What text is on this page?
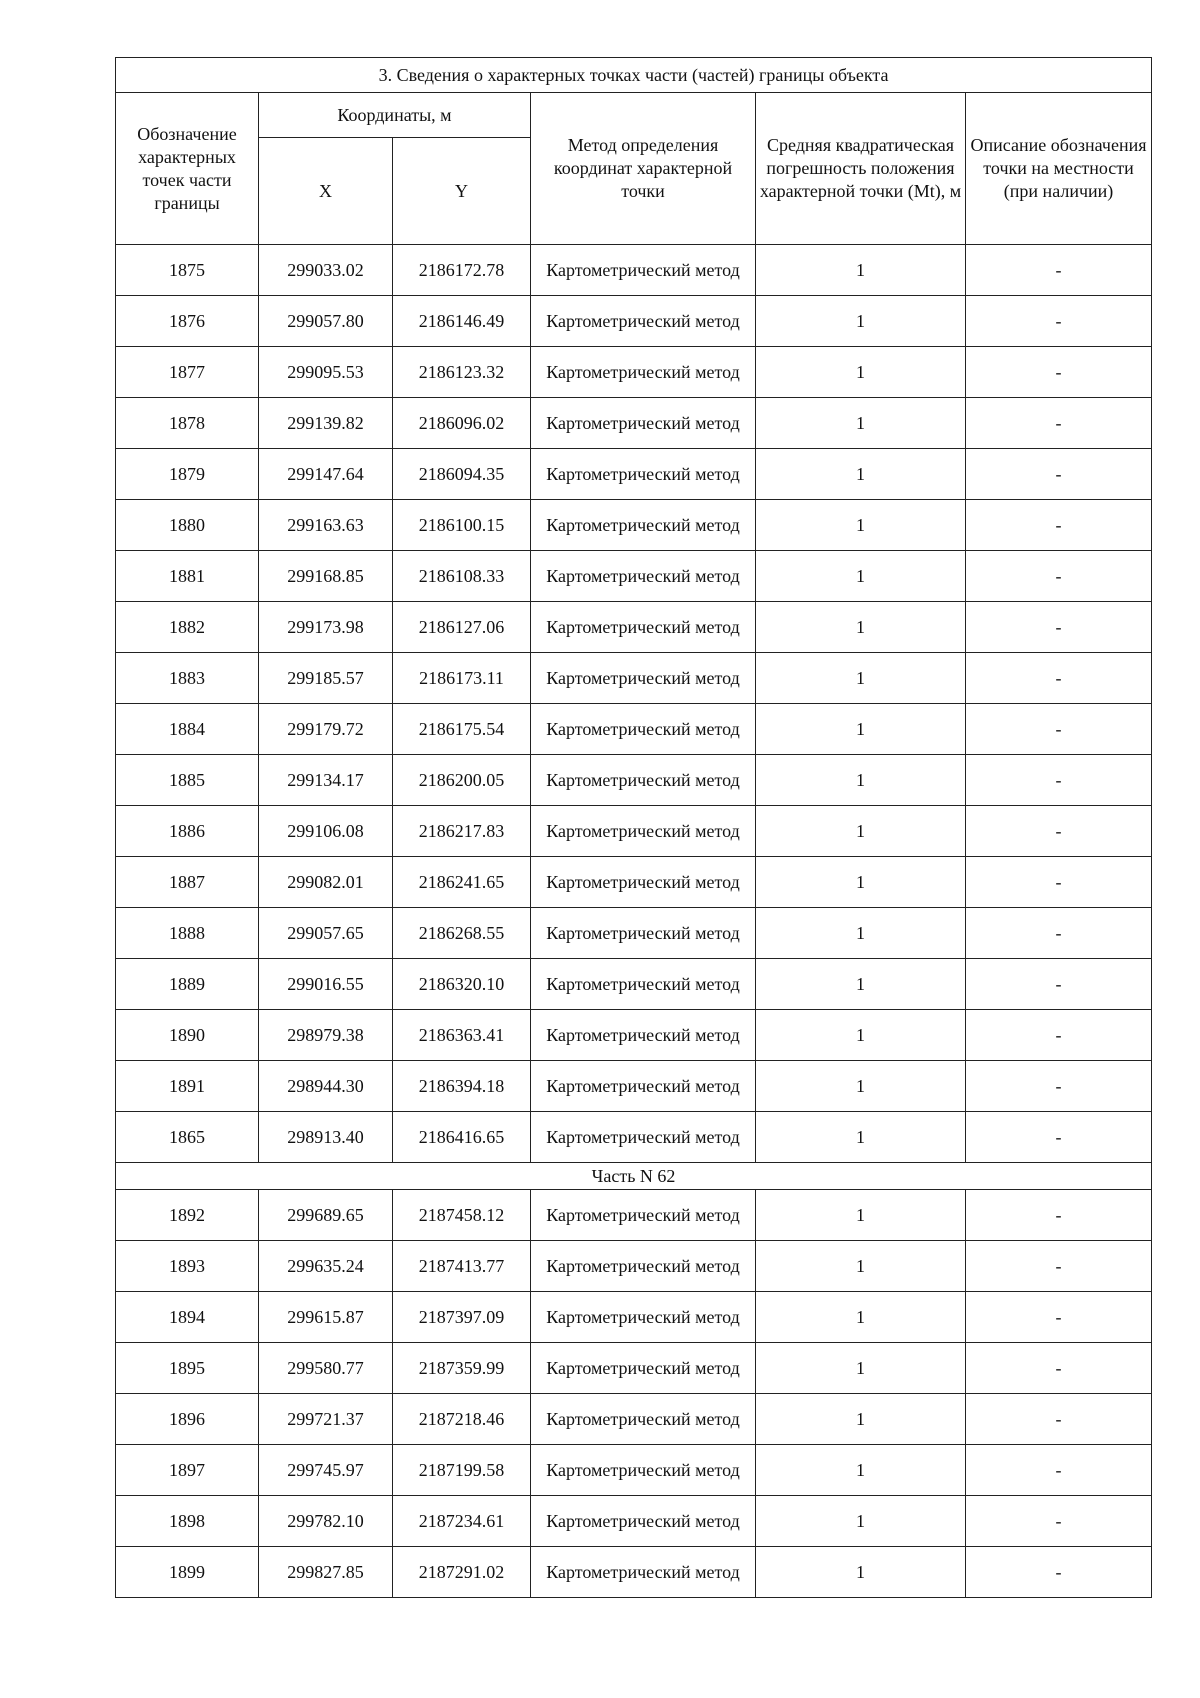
3. Сведения о характерных точках части (частей) границы объекта					
Обозначение характерных точек части границы	Координаты, м		Метод определения координат характерной точки	Средняя квадратическая погрешность положения характерной точки (Mt), м	Описание обозначения точки на местности (при наличии)
	X	Y			
1875	299033.02	2186172.78	Картометрический метод	1	-
1876	299057.80	2186146.49	Картометрический метод	1	-
1877	299095.53	2186123.32	Картометрический метод	1	-
1878	299139.82	2186096.02	Картометрический метод	1	-
1879	299147.64	2186094.35	Картометрический метод	1	-
1880	299163.63	2186100.15	Картометрический метод	1	-
1881	299168.85	2186108.33	Картометрический метод	1	-
1882	299173.98	2186127.06	Картометрический метод	1	-
1883	299185.57	2186173.11	Картометрический метод	1	-
1884	299179.72	2186175.54	Картометрический метод	1	-
1885	299134.17	2186200.05	Картометрический метод	1	-
1886	299106.08	2186217.83	Картометрический метод	1	-
1887	299082.01	2186241.65	Картометрический метод	1	-
1888	299057.65	2186268.55	Картометрический метод	1	-
1889	299016.55	2186320.10	Картометрический метод	1	-
1890	298979.38	2186363.41	Картометрический метод	1	-
1891	298944.30	2186394.18	Картометрический метод	1	-
1865	298913.40	2186416.65	Картометрический метод	1	-
Часть N 62					
1892	299689.65	2187458.12	Картометрический метод	1	-
1893	299635.24	2187413.77	Картометрический метод	1	-
1894	299615.87	2187397.09	Картометрический метод	1	-
1895	299580.77	2187359.99	Картометрический метод	1	-
1896	299721.37	2187218.46	Картометрический метод	1	-
1897	299745.97	2187199.58	Картометрический метод	1	-
1898	299782.10	2187234.61	Картометрический метод	1	-
1899	299827.85	2187291.02	Картометрический метод	1	-
